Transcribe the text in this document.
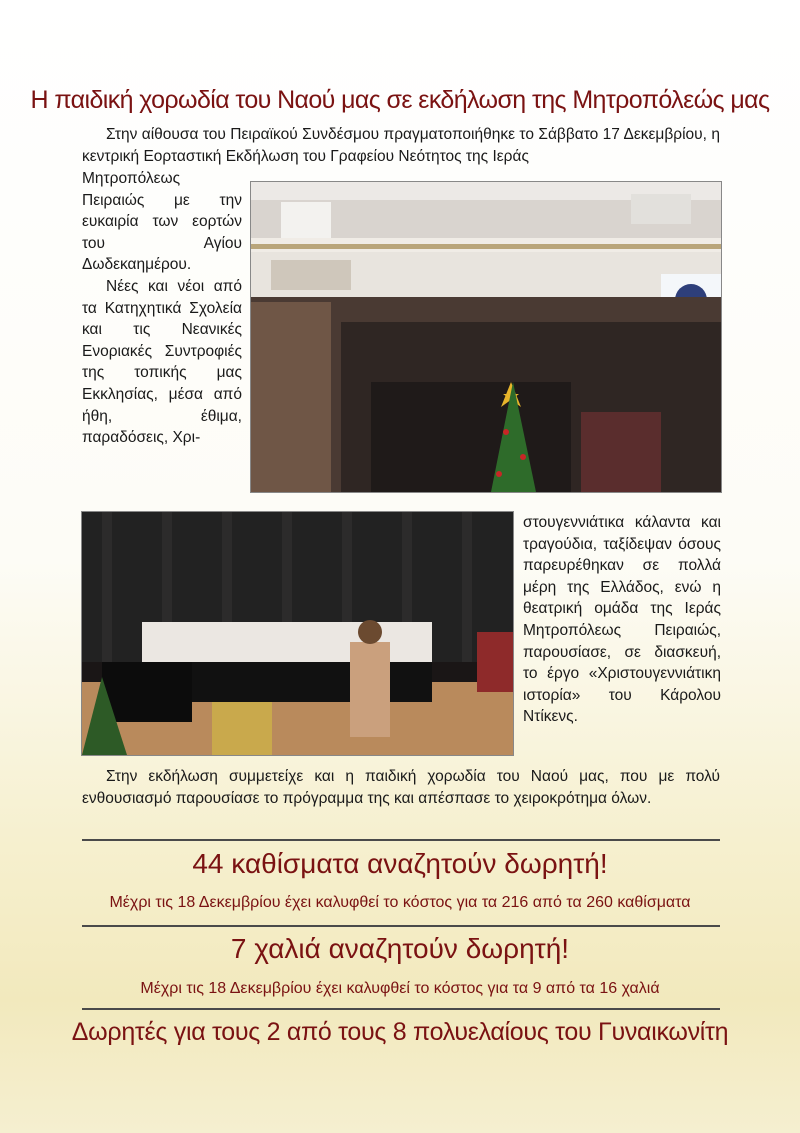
Η παιδική χορωδία του Ναού μας σε εκδήλωση της Μητροπόλεώς μας
Στην αίθουσα του Πειραϊκού Συνδέσμου πραγματοποιήθηκε το Σάββατο 17 Δεκεμβρίου, η κεντρική Εορταστική Εκδήλωση του Γραφείου Νεότητος της Ιεράς
Μητροπόλεως Πειραιώς με την ευκαιρία των εορτών του Αγίου Δωδεκαημέρου.
Νέες και νέοι από τα Κατηχητικά Σχολεία και τις Νεανικές Ενοριακές Συντροφιές της τοπικής μας Εκκλησίας, μέσα από ήθη, έθιμα, παραδόσεις, Χρι-
στουγεννιάτικα κάλαντα και τραγούδια, ταξίδεψαν όσους παρευρέθηκαν σε πολλά μέρη της Ελλάδος, ενώ η θεατρική ομάδα της Ιεράς Μητροπόλεως Πειραιώς, παρουσίασε, σε διασκευή, το έργο «Χριστουγεννιάτικη ιστορία» του Κάρολου Ντίκενς.
Στην εκδήλωση συμμετείχε και η παιδική χορωδία του Ναού μας, που με πολύ ενθουσιασμό παρουσίασε το πρόγραμμα της και απέσπασε το χειροκρότημα όλων.
44 καθίσματα αναζητούν δωρητή!
Μέχρι τις 18 Δεκεμβρίου έχει καλυφθεί το κόστος για τα 216 από τα 260 καθίσματα
7 χαλιά αναζητούν δωρητή!
Μέχρι τις 18 Δεκεμβρίου έχει καλυφθεί το κόστος για τα 9 από τα 16 χαλιά
Δωρητές για τους 2 από τους 8 πολυελαίους του Γυναικωνίτη
